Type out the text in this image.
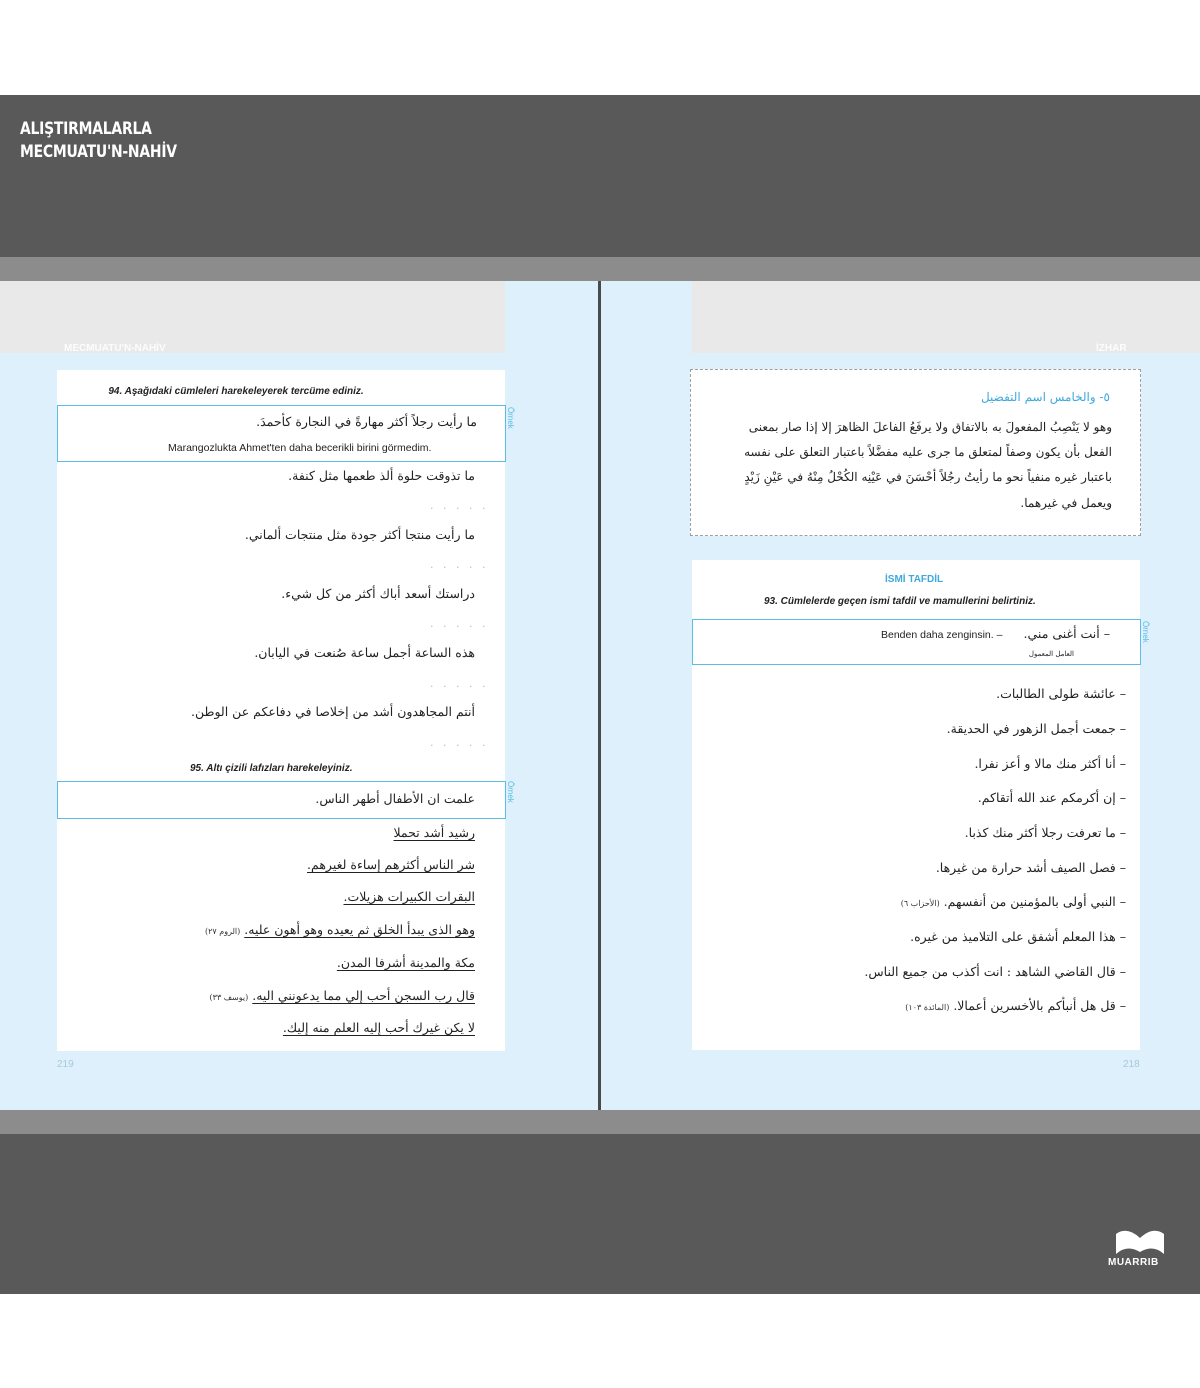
ALIŞTIRMALARLA
MECMUATU'N-NAHİV
MECMUATU'N-NAHİV
94. Aşağıdaki cümleleri harekeleyerek tercüme ediniz.
ما رأيت رجلاً أكثر مهارةً في النجارة كأحمدَ.
Marangozlukta Ahmet'ten daha becerikli birini görmedim.
Örnek
ما تذوقت حلوة ألذ طعمها مثل كنفة.
. . . . .
ما رأيت منتجا أكثر جودة مثل منتجات ألماني.
. . . . .
دراستك أسعد أباك أكثر من كل شيء.
. . . . .
هذه الساعة أجمل ساعة صُنعت في اليابان.
. . . . .
أنتم المجاهدون أشد من إخلاصا في دفاعكم عن الوطن.
. . . . .
95. Altı çizili lafızları harekeleyiniz.
علمت ان الأطفال أطهر الناس.	Örnek
رشيد أشد تحملا
شر الناس أكثرهم إساءة لغيرهم.
البقرات الكبيرات هزيلات.
وهو الذى يبدأ الخلق ثم يعيده وهو أهون عليه. (الروم ٢٧)
مكة والمدينة أشرفا المدن.
قال رب السجن أحب إلي مما يدعونني اليه. (يوسف ٣٣)
لا يكن غيرك أحب إليه العلم منه إليك.
219
İZHAR
٥- والخامس اسم التفضيل
وهو لا يَنْصِبُ المفعولَ به بالاتفاق ولا يرفَعُ الفاعلَ الظاهرَ إلا إذا صار بمعنى
الفعل بأن يكون وصفاً لمتعلق ما جرى عليه مفضَّلاً باعتبار التعلق على نفسه
باعتبار غيره منفياً نحو ما رأيتُ رجُلاً أحْسَنَ في عَيْنِه الكُحْلُ مِنْهُ في عَيْنِ زَيْدٍ
ويعمل في غيرهما.
İSMİ TAFDİL
93. Cümlelerde geçen ismi tafdil ve mamullerini belirtiniz.
– أنت أغنى مني.
Benden daha zenginsin. –
العامل المعمول
Örnek
– عائشة طولى الطالبات.
– جمعت أجمل الزهور في الحديقة.
– أنا أكثر منك مالا و أعز نفرا.
– إن أكرمكم عند الله أتقاكم.
– ما تعرفت رجلا أكثر منك كذبا.
– فصل الصيف أشد حرارة من غيرها.
– النبي أولى بالمؤمنين من أنفسهم. (الأحزاب ٦)
– هذا المعلم أشفق على التلاميذ من غيره.
– قال القاضي الشاهد : انت أكذب من جميع الناس.
– قل هل أنبأكم بالأخسرين أعمالا. (المائدة ١٠٣)
218
MUARRIB
